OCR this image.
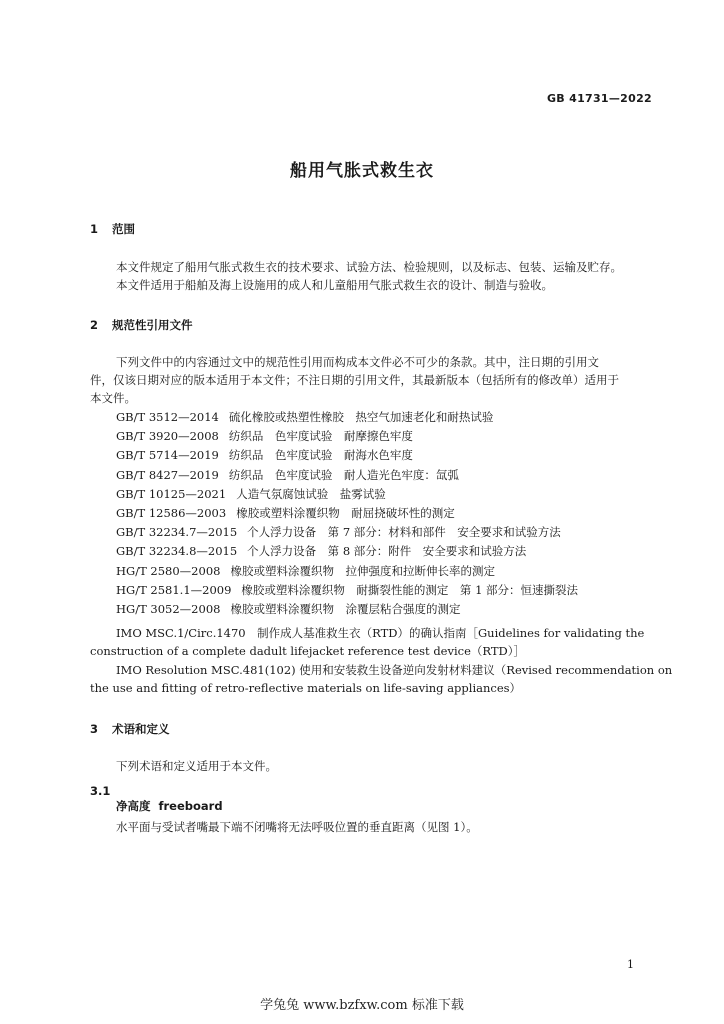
GB 41731—2022
船用气胀式救生衣
1 范围
本文件规定了船用气胀式救生衣的技术要求、试验方法、检验规则，以及标志、包装、运输及贮存。
本文件适用于船舶及海上设施用的成人和儿童船用气胀式救生衣的设计、制造与验收。
2 规范性引用文件
下列文件中的内容通过文中的规范性引用而构成本文件必不可少的条款。其中，注日期的引用文
件，仅该日期对应的版本适用于本文件；不注日期的引用文件，其最新版本（包括所有的修改单）适用于
本文件。
GB/T 3512—2014 硫化橡胶或热塑性橡胶　热空气加速老化和耐热试验
GB/T 3920—2008 纺织品　色牢度试验　耐摩擦色牢度
GB/T 5714—2019 纺织品　色牢度试验　耐海水色牢度
GB/T 8427—2019 纺织品　色牢度试验　耐人造光色牢度：氙弧
GB/T 10125—2021 人造气氛腐蚀试验　盐雾试验
GB/T 12586—2003 橡胶或塑料涂覆织物　耐屈挠破坏性的测定
GB/T 32234.7—2015 个人浮力设备　第 7 部分：材料和部件　安全要求和试验方法
GB/T 32234.8—2015 个人浮力设备　第 8 部分：附件　安全要求和试验方法
HG/T 2580—2008 橡胶或塑料涂覆织物　拉伸强度和拉断伸长率的测定
HG/T 2581.1—2009 橡胶或塑料涂覆织物　耐撕裂性能的测定　第 1 部分：恒速撕裂法
HG/T 3052—2008 橡胶或塑料涂覆织物　涂覆层粘合强度的测定
IMO MSC.1/Circ.1470　制作成人基准救生衣（RTD）的确认指南［Guidelines for validating the
construction of a complete dadult lifejacket reference test device（RTD）］
IMO Resolution MSC.481(102) 使用和安装救生设备逆向发射材料建议（Revised recommendation on
the use and fitting of retro-reflective materials on life-saving appliances）
3 术语和定义
下列术语和定义适用于本文件。
3.1
净高度 freeboard
水平面与受试者嘴最下端不闭嘴将无法呼吸位置的垂直距离（见图 1）。
1
学兔兔 www.bzfxw.com 标准下载
